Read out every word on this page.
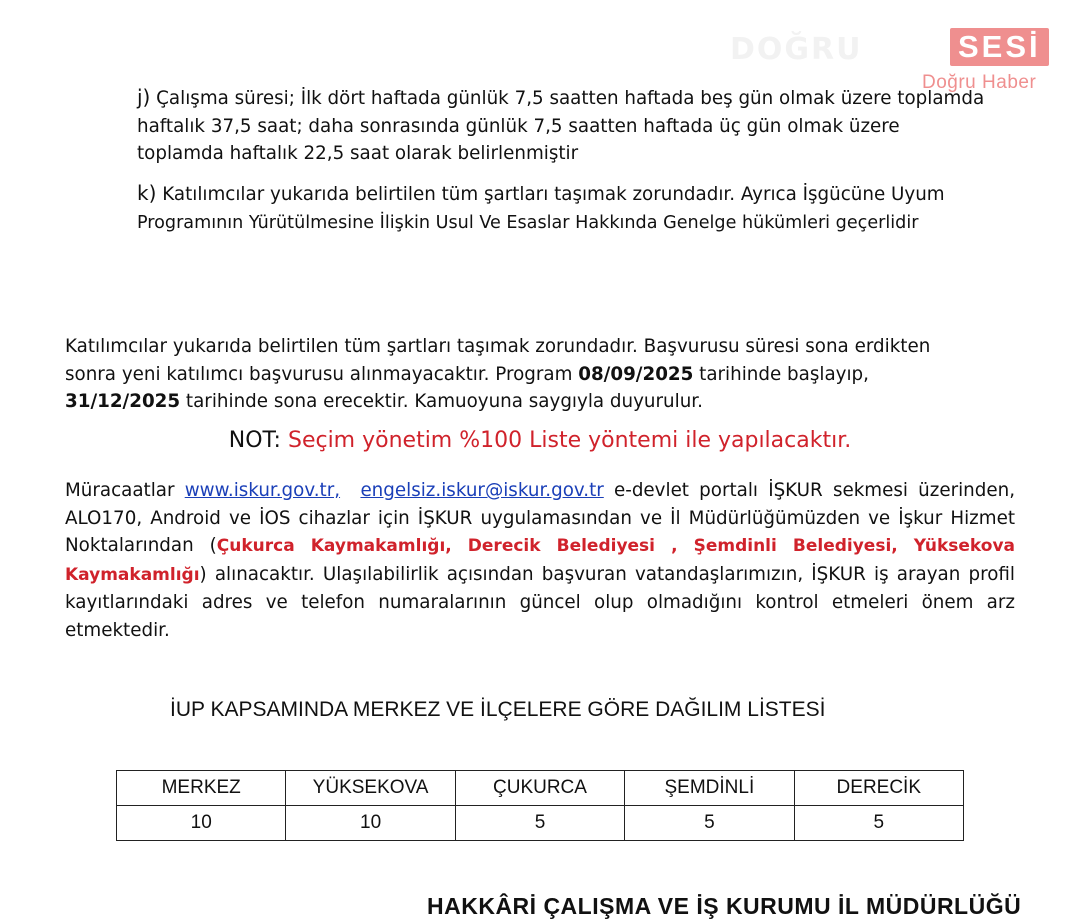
DOĞRU	SESİ
Doğru Haber
j) Çalışma süresi; İlk dört haftada günlük 7,5 saatten haftada beş gün olmak üzere toplamda haftalık 37,5 saat; daha sonrasında günlük 7,5 saatten haftada üç gün olmak üzere toplamda haftalık 22,5 saat olarak belirlenmiştir
k) Katılımcılar yukarıda belirtilen tüm şartları taşımak zorundadır. Ayrıca İşgücüne Uyum
Programının Yürütülmesine İlişkin Usul Ve Esaslar Hakkında Genelge hükümleri geçerlidir
Katılımcılar yukarıda belirtilen tüm şartları taşımak zorundadır. Başvurusu süresi sona erdikten sonra yeni katılımcı başvurusu alınmayacaktır. Program 08/09/2025 tarihinde başlayıp,
31/12/2025 tarihinde sona erecektir. Kamuoyuna saygıyla duyurulur.
NOT: Seçim yönetim %100 Liste yöntemi ile yapılacaktır.
Müracaatlar www.iskur.gov.tr, engelsiz.iskur@iskur.gov.tr e-devlet portalı İŞKUR sekmesi üzerinden, ALO170, Android ve İOS cihazlar için İŞKUR uygulamasından ve İl Müdürlüğümüzden ve İşkur Hizmet Noktalarından (Çukurca Kaymakamlığı, Derecik Belediyesi , Şemdinli Belediyesi, Yüksekova Kaymakamlığı) alınacaktır. Ulaşılabilirlik açısından başvuran vatandaşlarımızın, İŞKUR iş arayan profil kayıtlarındaki adres ve telefon numaralarının güncel olup olmadığını kontrol etmeleri önem arz etmektedir.
İUP KAPSAMINDA MERKEZ VE İLÇELERE GÖRE DAĞILIM LİSTESİ
MERKEZ	YÜKSEKOVA	ÇUKURCA	ŞEMDİNLİ	DERECİK
10	10	5	5	5
HAKKÂRİ ÇALIŞMA VE İŞ KURUMU İL MÜDÜRLÜĞÜ
